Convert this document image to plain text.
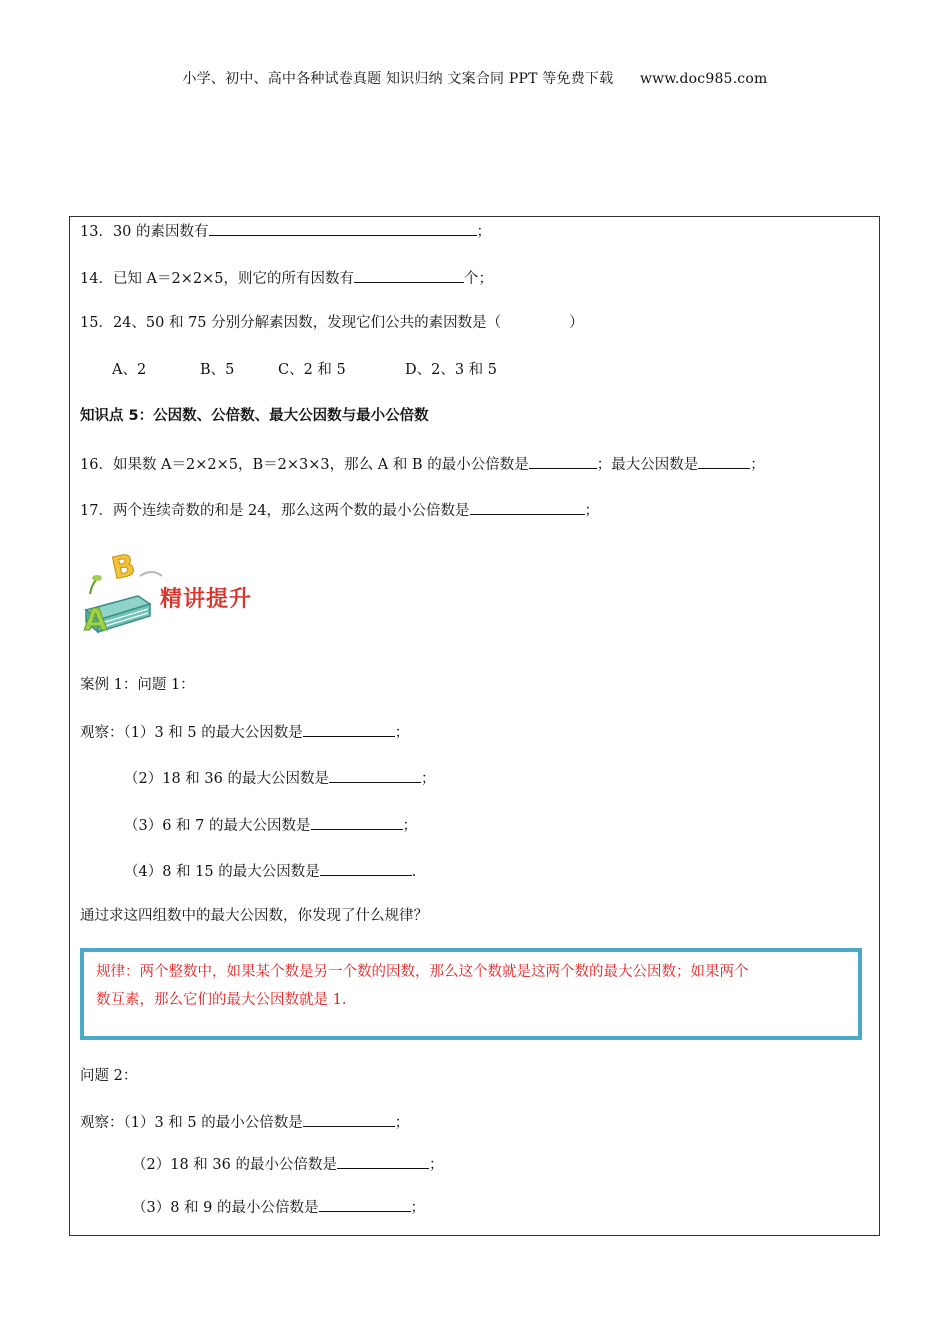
小学、初中、高中各种试卷真题 知识归纳 文案合同 PPT 等免费下载 www.doc985.com
13．30 的素因数有	；
14．已知 A＝2×2×5，则它的所有因数有	个；
15．24、50 和 75 分别分解素因数，发现它们公共的素因数是（	）
A、2	B、5	C、2 和 5	D、2、3 和 5
知识点 5：公因数、公倍数、最大公因数与最小公倍数
16．如果数 A＝2×2×5，B＝2×3×3，那么 A 和 B 的最小公倍数是	；最大公因数是	；
17．两个连续奇数的和是 24，那么这两个数的最小公倍数是	；
B
A
精讲提升
案例 1：问题 1：
观察：（1）3 和 5 的最大公因数是	；
（2）18 和 36 的最大公因数是	；
（3）6 和 7 的最大公因数是	；
（4）8 和 15 的最大公因数是	.
通过求这四组数中的最大公因数，你发现了什么规律？
规律：两个整数中，如果某个数是另一个数的因数，那么这个数就是这两个数的最大公因数；如果两个
数互素，那么它们的最大公因数就是 1.
问题 2：
观察：（1）3 和 5 的最小公倍数是	；
（2）18 和 36 的最小公倍数是	；
（3）8 和 9 的最小公倍数是	；
